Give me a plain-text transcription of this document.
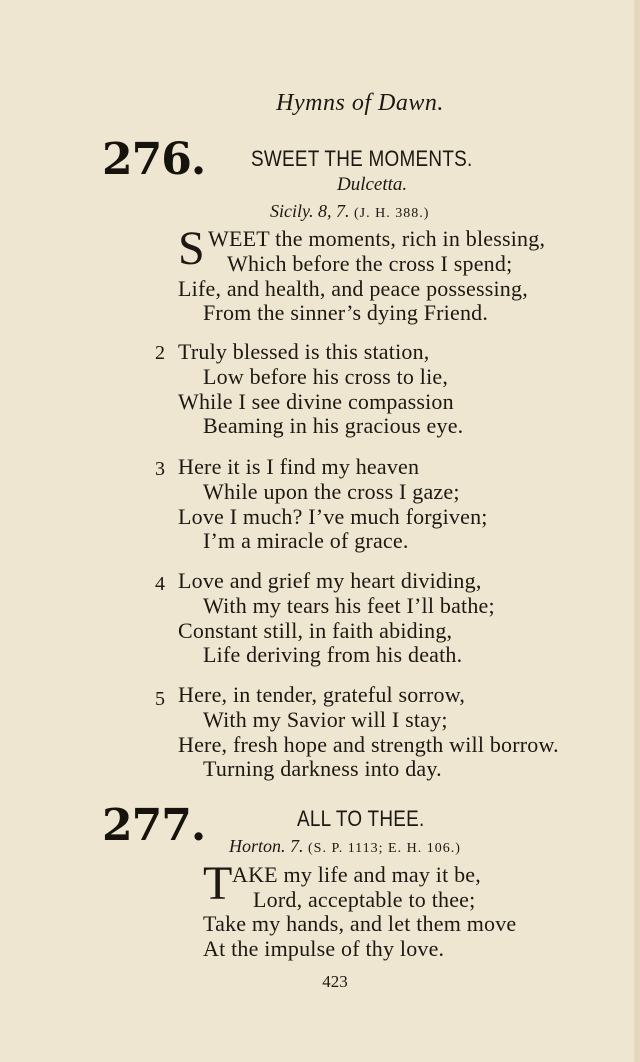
Hymns of Dawn.
276. SWEET THE MOMENTS.
Dulcetta.
Sicily. 8, 7. (J. H. 388.)
S WEET the moments, rich in blessing,
Which before the cross I spend;
Life, and health, and peace possessing,
From the sinner’s dying Friend.
2 Truly blessed is this station,
Low before his cross to lie,
While I see divine compassion
Beaming in his gracious eye.
3 Here it is I find my heaven
While upon the cross I gaze;
Love I much? I’ve much forgiven;
I’m a miracle of grace.
4 Love and grief my heart dividing,
With my tears his feet I’ll bathe;
Constant still, in faith abiding,
Life deriving from his death.
5 Here, in tender, grateful sorrow,
With my Savior will I stay;
Here, fresh hope and strength will borrow.
Turning darkness into day.
277.	ALL TO THEE.
Horton. 7. (S. P. 1113; E. H. 106.)
T AKE my life and may it be,
Lord, acceptable to thee;
Take my hands, and let them move
At the impulse of thy love.
423
